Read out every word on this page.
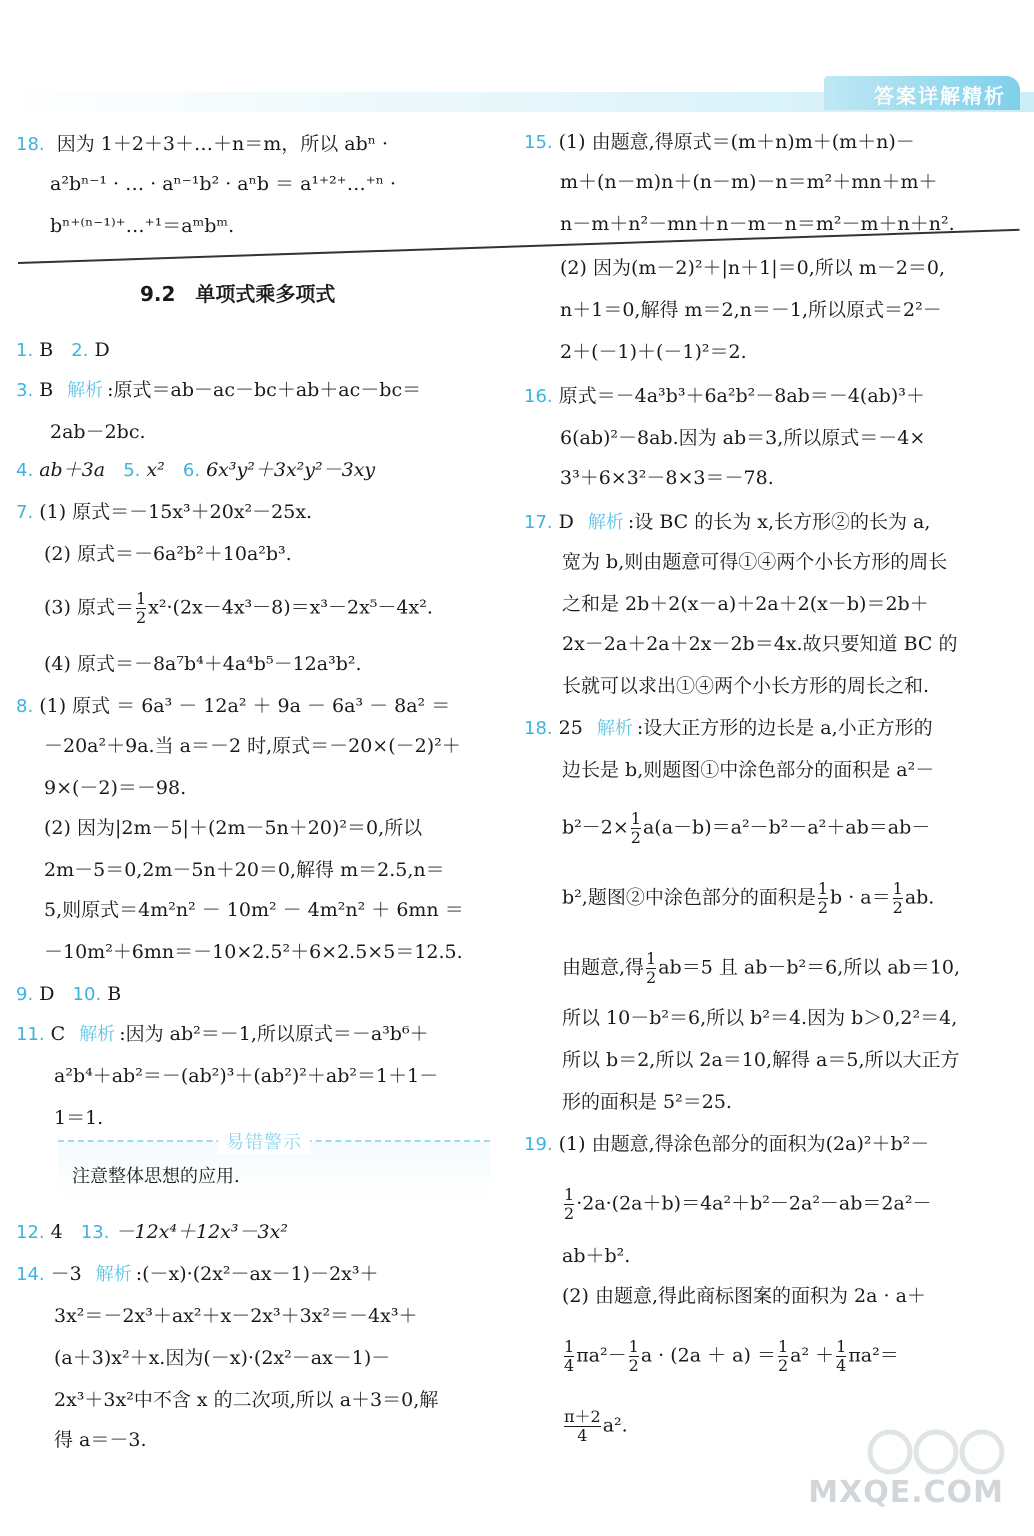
答案详解精析
18. 因为 1＋2＋3＋…＋n＝m，所以 abⁿ ·
a²bⁿ⁻¹ · … · aⁿ⁻¹b² · aⁿb ＝ a¹⁺²⁺…⁺ⁿ ·
bⁿ⁺⁽ⁿ⁻¹⁾⁺…⁺¹＝aᵐbᵐ.
9.2　单项式乘多项式
1. B 2. D
3. B 解析 :原式＝ab－ac－bc＋ab＋ac－bc＝
2ab－2bc.
4. ab＋3a 5. x² 6. 6x³y²＋3x²y²－3xy
7. (1) 原式＝－15x³＋20x²－25x.
(2) 原式＝－6a²b²＋10a²b³.
(3) 原式＝ $\frac{1}{2} x^2\cdot(2x-4x^3-8)=x^3-2x^5-4x^2$.
(4) 原式＝－8a⁷b⁴＋4a⁴b⁵－12a³b².
8. (1) 原式 ＝ 6a³ － 12a² ＋ 9a － 6a³ － 8a² ＝
－20a²＋9a.当 a＝－2 时,原式＝－20×(－2)²＋
9×(－2)＝－98.
(2) 因为|2m－5|＋(2m－5n＋20)²＝0,所以
2m－5＝0,2m－5n＋20＝0,解得 m＝2.5,n＝
5,则原式＝4m²n² － 10m² － 4m²n² ＋ 6mn ＝
－10m²＋6mn＝－10×2.5²＋6×2.5×5＝12.5.
9. D 10. B
11. C 解析 :因为 ab²＝－1,所以原式＝－a³b⁶＋
a²b⁴＋ab²＝－(ab²)³＋(ab²)²＋ab²＝1＋1－
1＝1.
易错警示
注意整体思想的应用.
12. 4 13. －12x⁴＋12x³－3x²
14. －3 解析 :(－x)·(2x²－ax－1)－2x³＋
3x²＝－2x³＋ax²＋x－2x³＋3x²＝－4x³＋
(a＋3)x²＋x.因为(－x)·(2x²－ax－1)－
2x³＋3x²中不含 x 的二次项,所以 a＋3＝0,解
得 a＝－3.
15. (1) 由题意,得原式＝(m＋n)m＋(m＋n)－
m＋(n－m)n＋(n－m)－n＝m²＋mn＋m＋
n－m＋n²－mn＋n－m－n＝m²－m＋n＋n².
(2) 因为(m－2)²＋|n＋1|＝0,所以 m－2＝0,
n＋1＝0,解得 m＝2,n＝－1,所以原式＝2²－
2＋(－1)＋(－1)²＝2.
16. 原式＝－4a³b³＋6a²b²－8ab＝－4(ab)³＋
6(ab)²－8ab.因为 ab＝3,所以原式＝－4×
3³＋6×3²－8×3＝－78.
17. D 解析 :设 BC 的长为 x,长方形②的长为 a,
宽为 b,则由题意可得①④两个小长方形的周长
之和是 2b＋2(x－a)＋2a＋2(x－b)＝2b＋
2x－2a＋2a＋2x－2b＝4x.故只要知道 BC 的
长就可以求出①④两个小长方形的周长之和.
18. 25 解析 :设大正方形的边长是 a,小正方形的
边长是 b,则题图①中涂色部分的面积是 a²－
$b^2-2\times \frac{1}{2} a(a-b)=a^2-b^2-a^2+ab=ab-$
b²,题图②中涂色部分的面积是 $\frac{1}{2}$ $b \cdot a= \frac{1}{2}$ ab.
由题意,得 $\frac{1}{2} ab=5$ 且 ab－b²＝6,所以 ab＝10,
所以 10－b²＝6,所以 b²＝4.因为 b＞0,2²＝4,
所以 b＝2,所以 2a＝10,解得 a＝5,所以大正方
形的面积是 5²＝25.
19. (1) 由题意,得涂色部分的面积为(2a)²＋b²－
$\frac{1}{2} \cdot 2a\cdot(2a+b)=4a^2+b^2-2a^2-ab=2a^2-$
ab＋b².
(2) 由题意,得此商标图案的面积为 2a · a＋
$\frac{1}{4} \pi a^2- \frac{1}{2}$ $a \cdot (2a + a) = \frac{1}{2} a^2 + \frac{1}{4} \pi a^2=$
$\frac{\pi+2}{4} a^2$.
MXQE.COM
